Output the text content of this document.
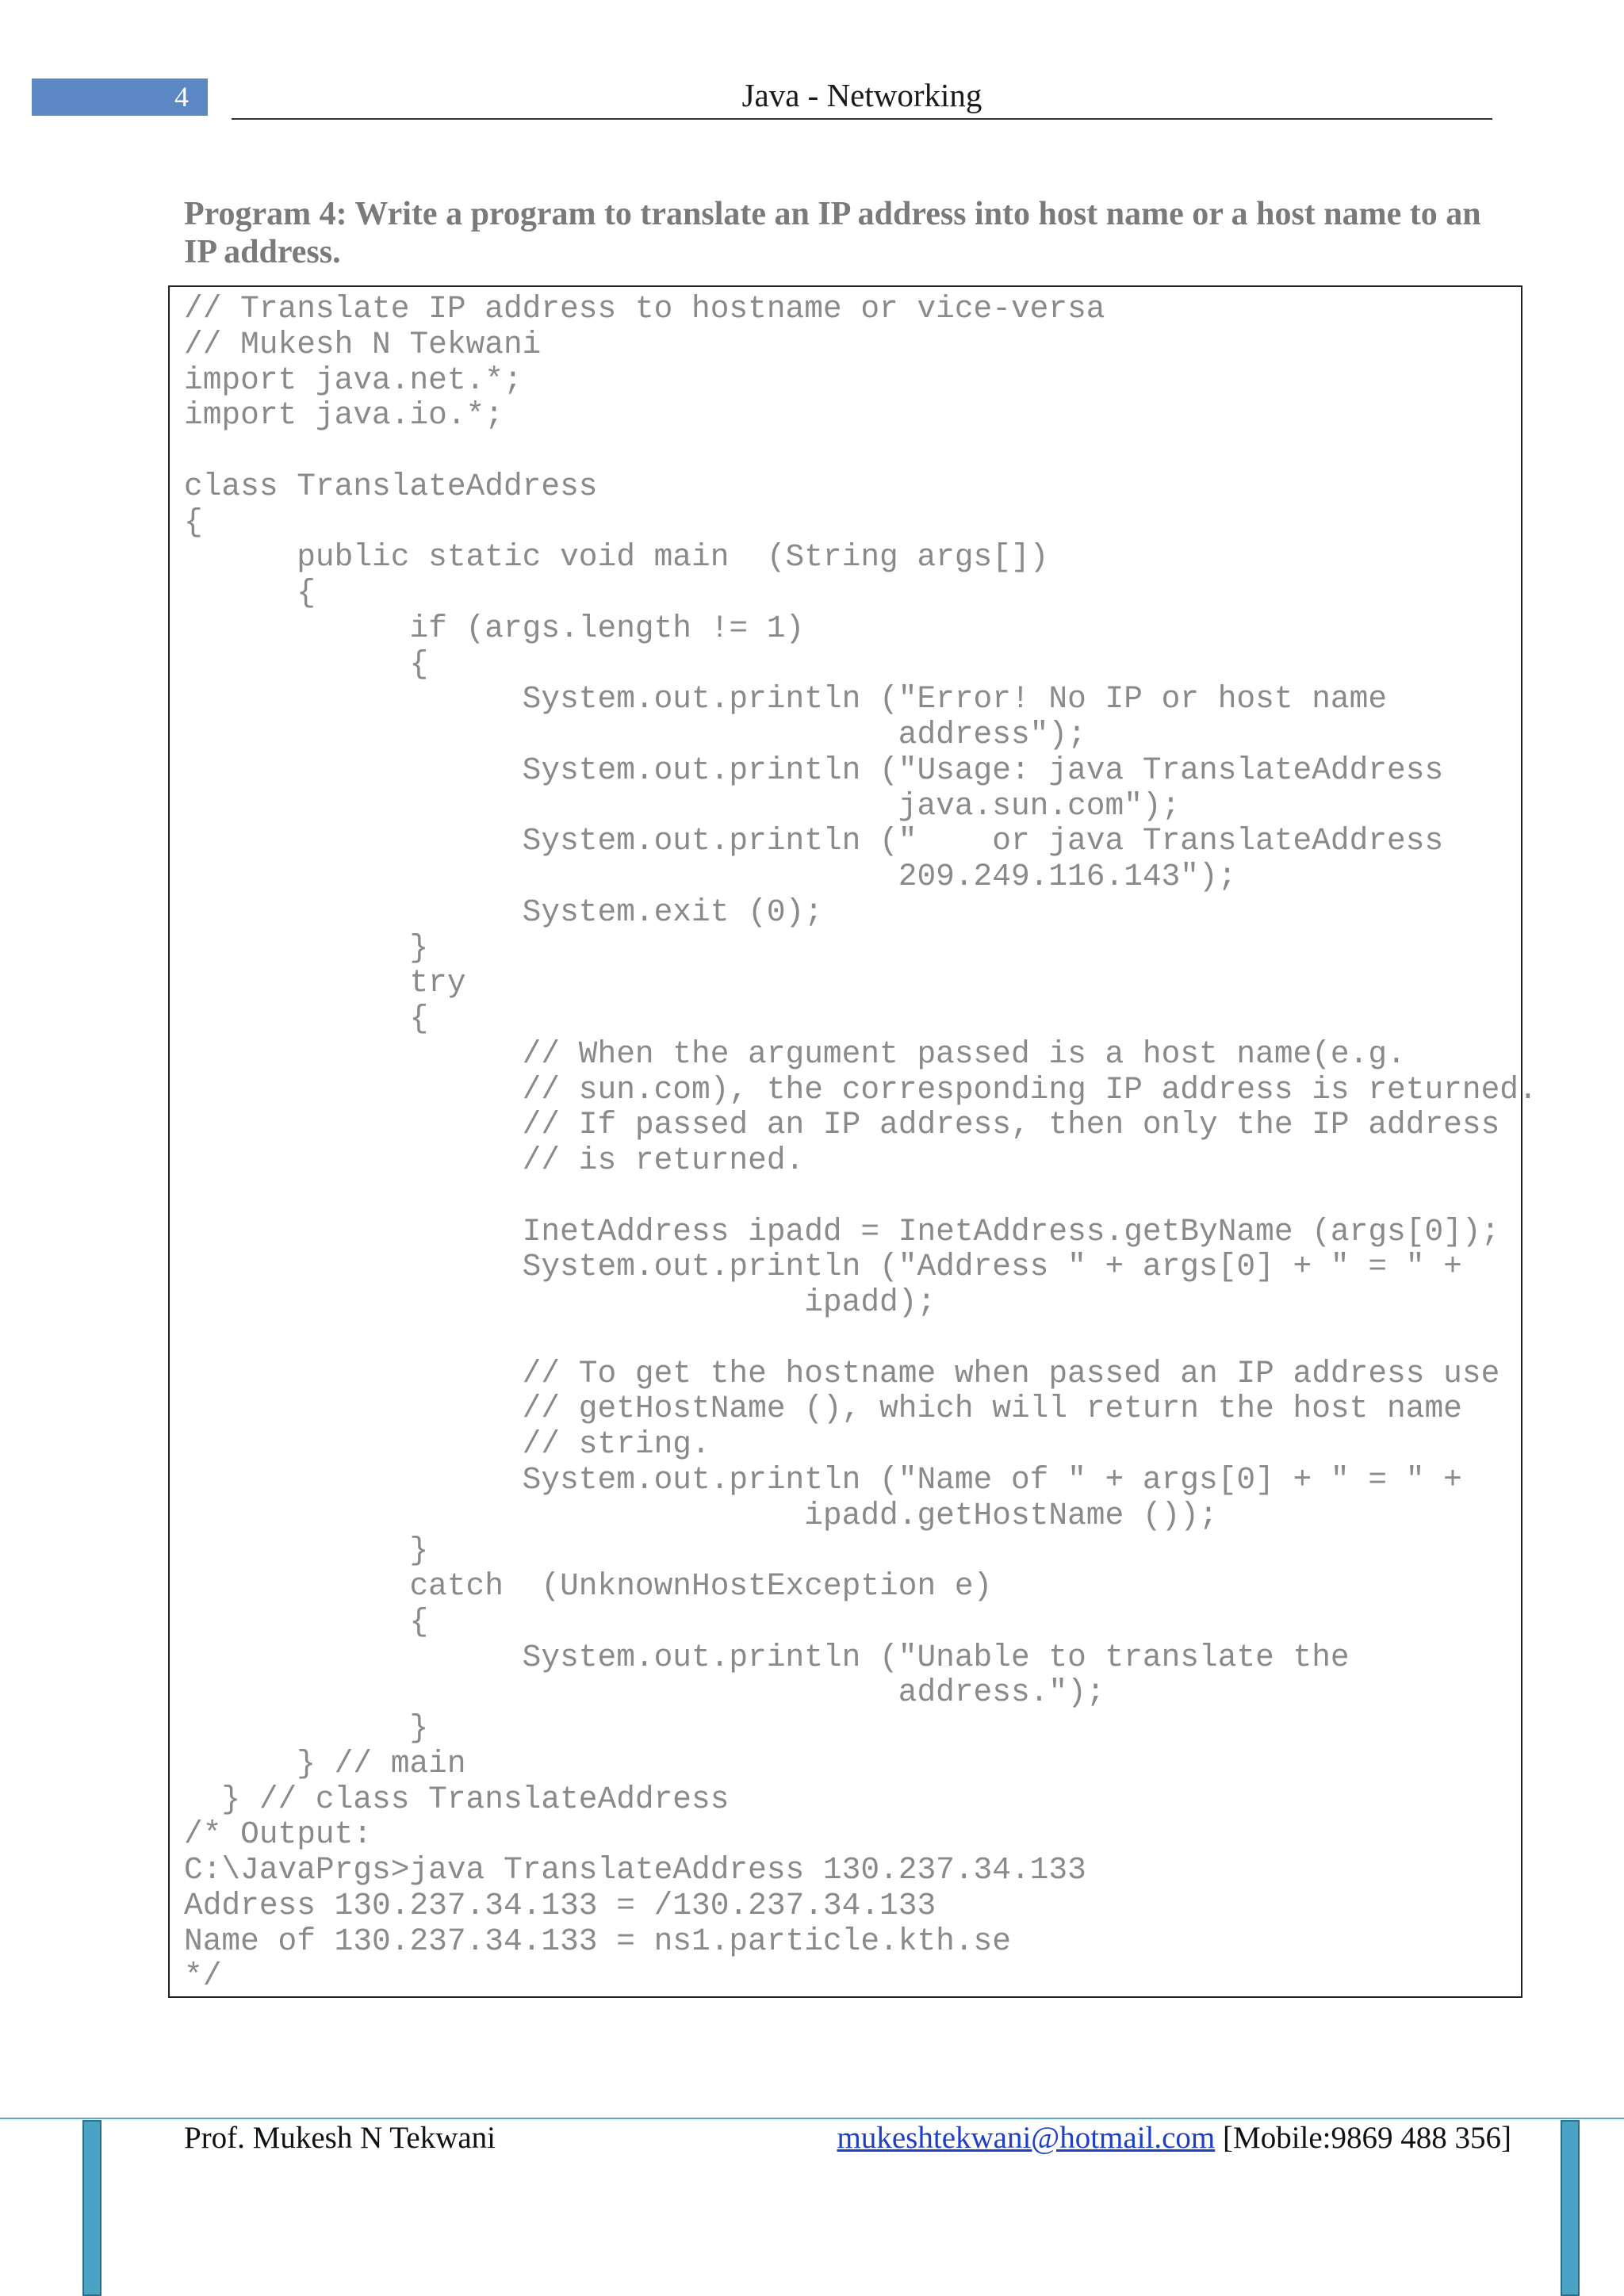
4	Java - Networking
Program 4: Write a program to translate an IP address into host name or a host name to an IP address.
// Translate IP address to hostname or vice-versa
// Mukesh N Tekwani
import java.net.*;
import java.io.*;
class TranslateAddress
{
public static void main  (String args[])
{
if (args.length != 1)
{
System.out.println ("Error! No IP or host name
address");
System.out.println ("Usage: java TranslateAddress
java.sun.com");
System.out.println ("    or java TranslateAddress
209.249.116.143");
System.exit (0);
}
try
{
// When the argument passed is a host name(e.g.
// sun.com), the corresponding IP address is returned.
// If passed an IP address, then only the IP address
// is returned.
InetAddress ipadd = InetAddress.getByName (args[0]);
System.out.println ("Address " + args[0] + " = " +
ipadd);
// To get the hostname when passed an IP address use
// getHostName (), which will return the host name
// string.
System.out.println ("Name of " + args[0] + " = " +
ipadd.getHostName ());
}
catch  (UnknownHostException e)
{
System.out.println ("Unable to translate the
address.");
}
} // main
} // class TranslateAddress
/* Output:
C:\JavaPrgs>java TranslateAddress 130.237.34.133
Address 130.237.34.133 = /130.237.34.133
Name of 130.237.34.133 = ns1.particle.kth.se
*/
Prof. Mukesh N Tekwani	mukeshtekwani@hotmail.com [Mobile:9869 488 356]
